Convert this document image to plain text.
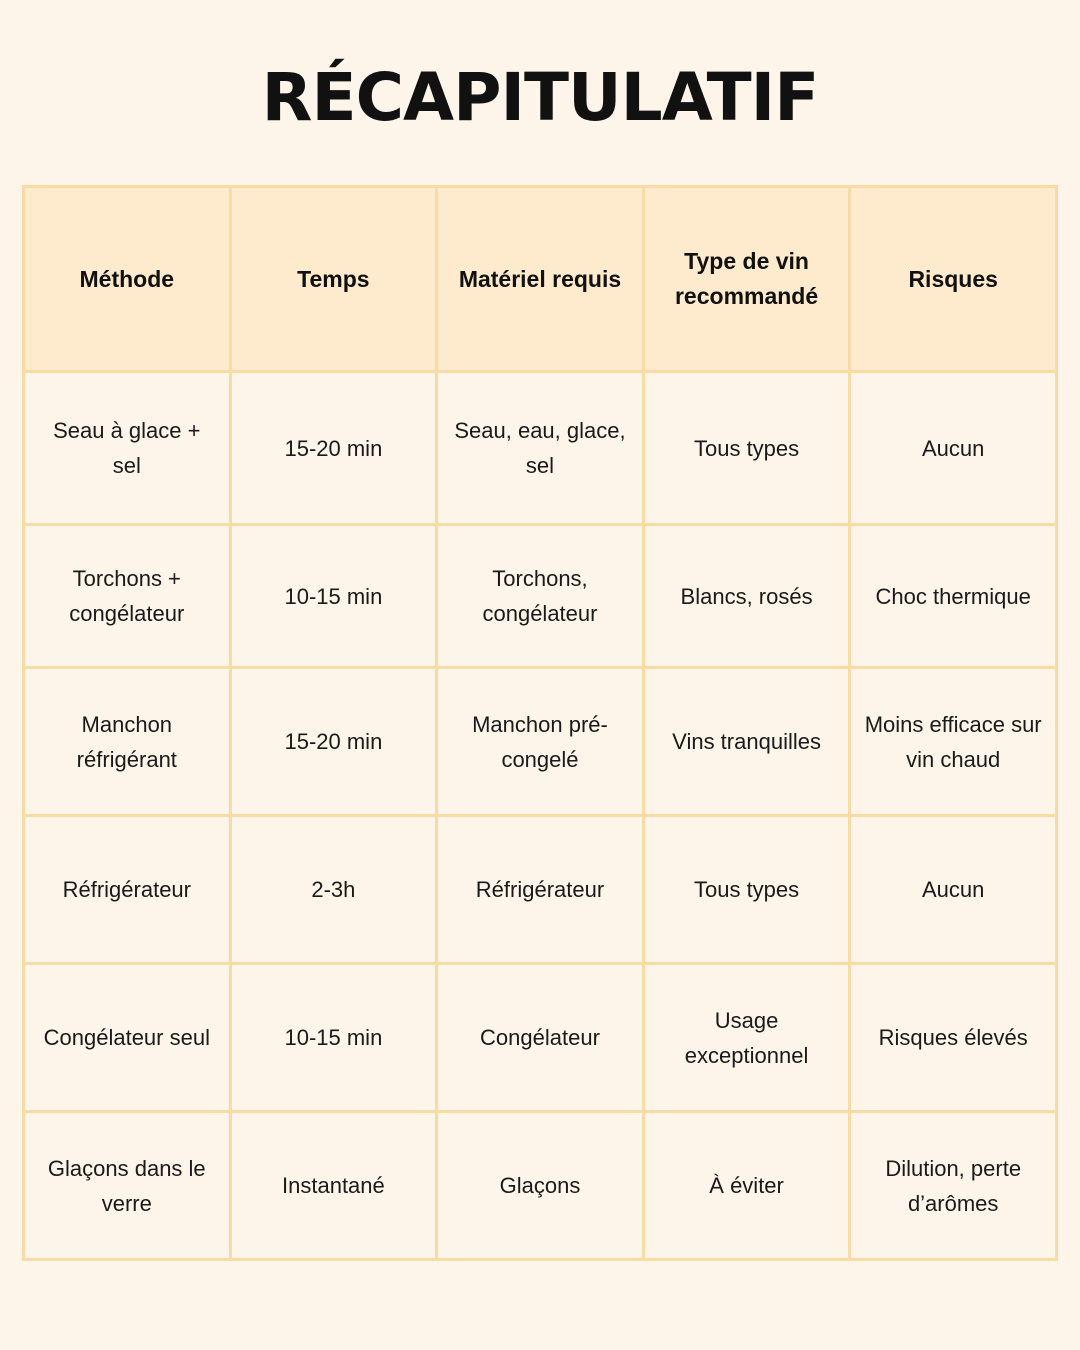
RÉCAPITULATIF
Méthode	Temps	Matériel requis	Type de vin recommandé	Risques
Seau à glace + sel	15-20 min	Seau, eau, glace, sel	Tous types	Aucun
Torchons + congélateur	10-15 min	Torchons, congélateur	Blancs, rosés	Choc thermique
Manchon réfrigérant	15-20 min	Manchon pré-congelé	Vins tranquilles	Moins efficace sur vin chaud
Réfrigérateur	2-3h	Réfrigérateur	Tous types	Aucun
Congélateur seul	10-15 min	Congélateur	Usage exceptionnel	Risques élevés
Glaçons dans le verre	Instantané	Glaçons	À éviter	Dilution, perte d’arômes
